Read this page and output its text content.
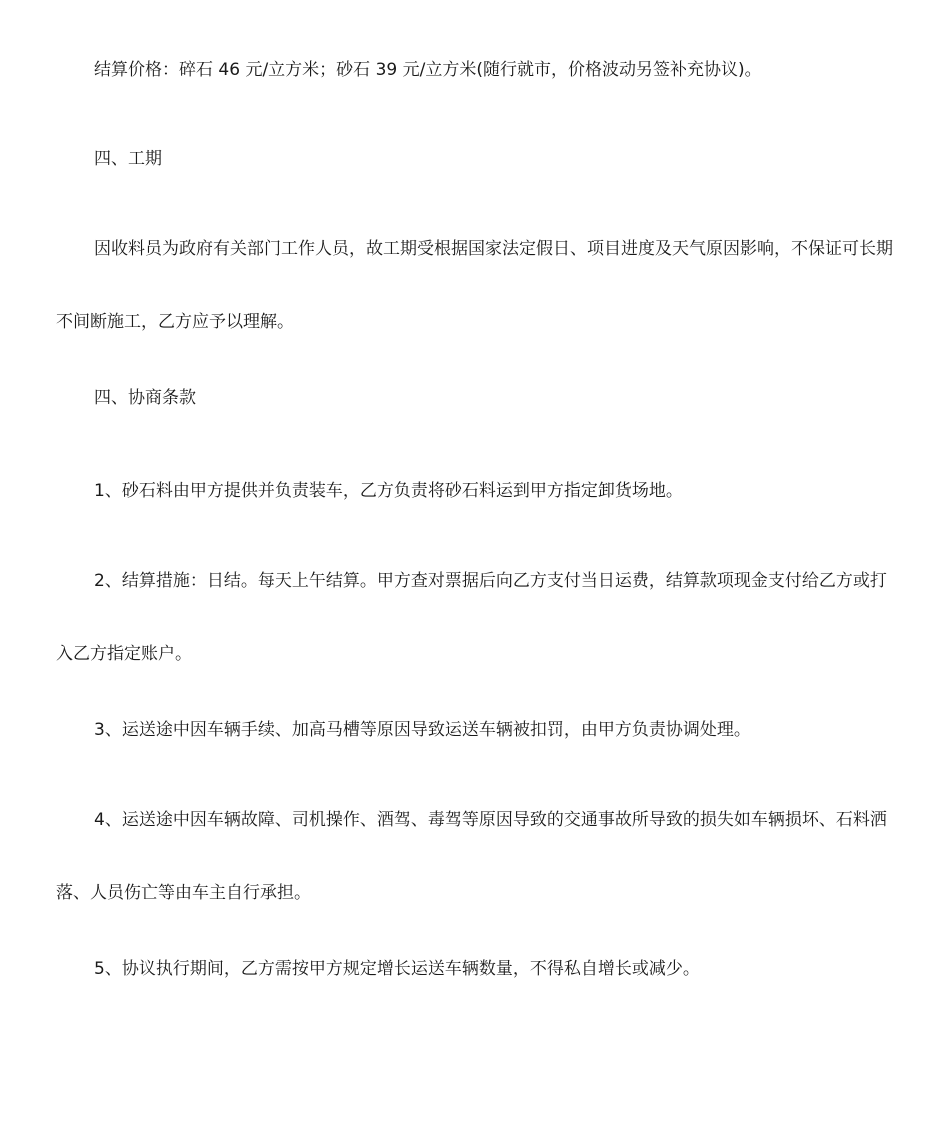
结算价格：碎石 46 元/立方米；砂石 39 元/立方米(随行就市，价格波动另签补充协议)。

四、工期

因收料员为政府有关部门工作人员，故工期受根据国家法定假日、项目进度及天气原因影响，不保证可长期不间断施工，乙方应予以理解。

四、协商条款

1、砂石料由甲方提供并负责装车，乙方负责将砂石料运到甲方指定卸货场地。

2、结算措施：日结。每天上午结算。甲方查对票据后向乙方支付当日运费，结算款项现金支付给乙方或打入乙方指定账户。

3、运送途中因车辆手续、加高马槽等原因导致运送车辆被扣罚，由甲方负责协调处理。

4、运送途中因车辆故障、司机操作、酒驾、毒驾等原因导致的交通事故所导致的损失如车辆损坏、石料洒落、人员伤亡等由车主自行承担。

5、协议执行期间，乙方需按甲方规定增长运送车辆数量，不得私自增长或减少。
